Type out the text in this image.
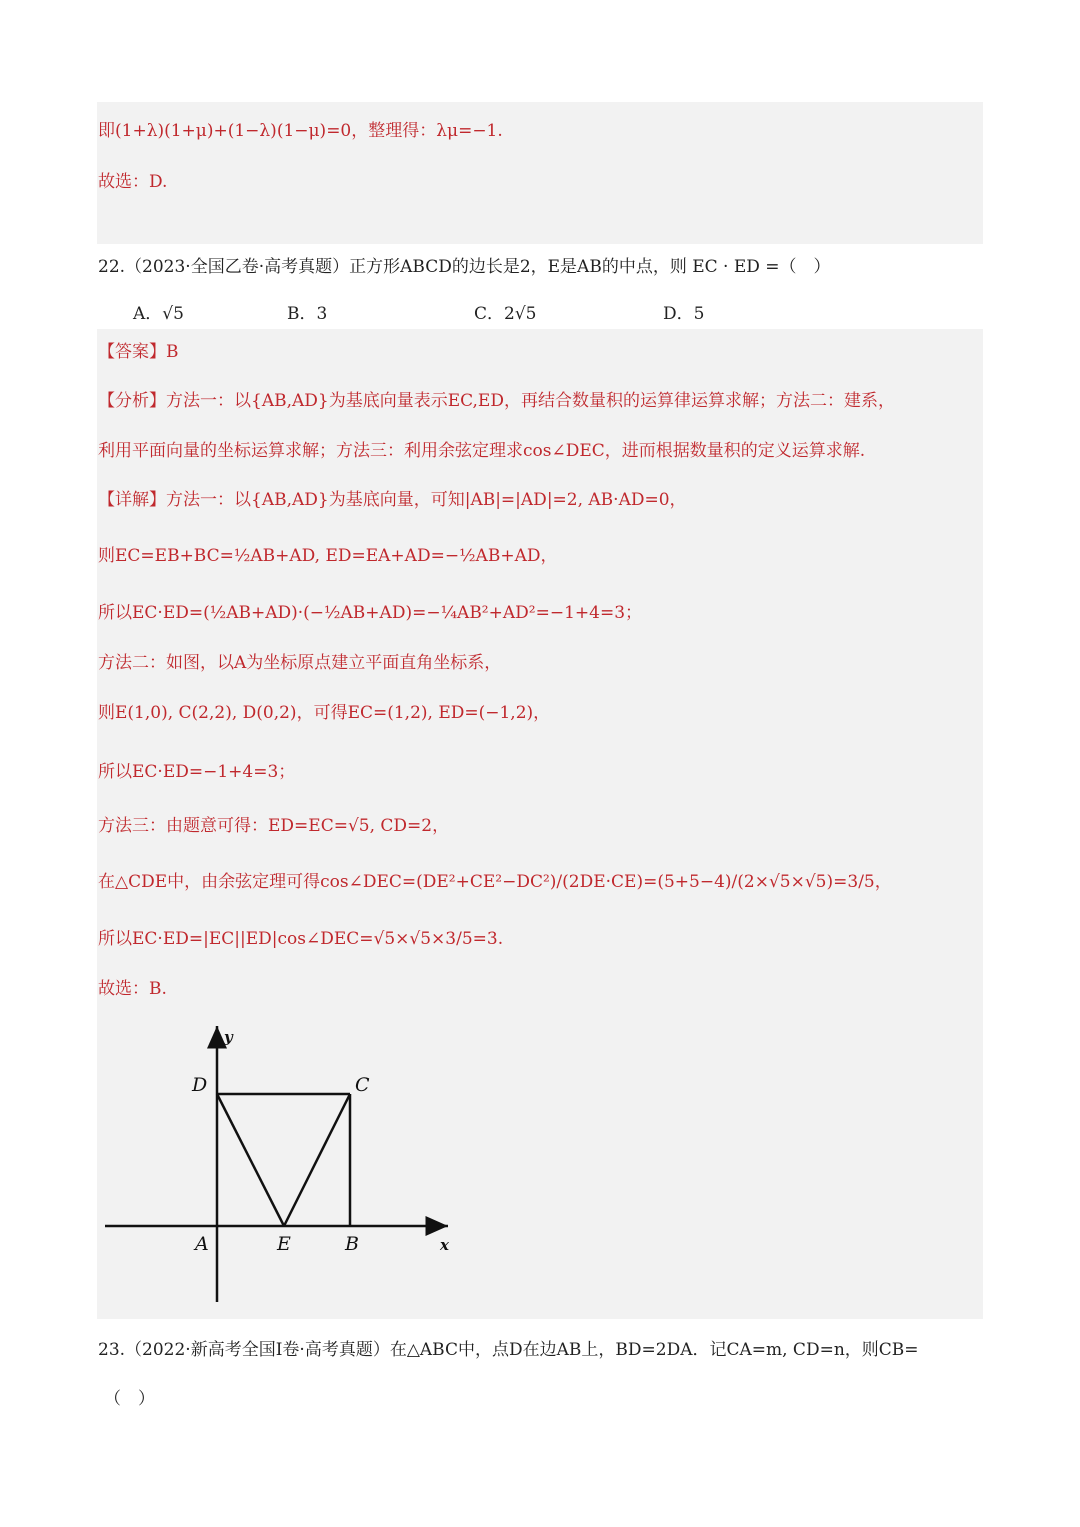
即(1+λ)(1+μ)+(1−λ)(1−μ)=0，整理得：λμ=−1.
故选：D.
22.（2023·全国乙卷·高考真题）正方形ABCD的边长是2，E是AB的中点，则 EC · ED =（　）
A．√5	B．3	C．2√5	D．5
【答案】B
【分析】方法一：以{AB,AD}为基底向量表示EC,ED，再结合数量积的运算律运算求解；方法二：建系，
利用平面向量的坐标运算求解；方法三：利用余弦定理求cos∠DEC，进而根据数量积的定义运算求解.
【详解】方法一：以{AB,AD}为基底向量，可知|AB|=|AD|=2, AB·AD=0，
则EC=EB+BC=½AB+AD, ED=EA+AD=−½AB+AD，
所以EC·ED=(½AB+AD)·(−½AB+AD)=−¼AB²+AD²=−1+4=3；
方法二：如图，以A为坐标原点建立平面直角坐标系，
则E(1,0), C(2,2), D(0,2)，可得EC=(1,2), ED=(−1,2)，
所以EC·ED=−1+4=3；
方法三：由题意可得：ED=EC=√5, CD=2，
在△CDE中，由余弦定理可得cos∠DEC=(DE²+CE²−DC²)/(2DE·CE)=(5+5−4)/(2×√5×√5)=3/5，
所以EC·ED=|EC||ED|cos∠DEC=√5×√5×3/5=3.
故选：B.
y
x
D	C
A	E	B
23.（2022·新高考全国Ⅰ卷·高考真题）在△ABC中，点D在边AB上，BD=2DA．记CA=m, CD=n，则CB=
（　）
